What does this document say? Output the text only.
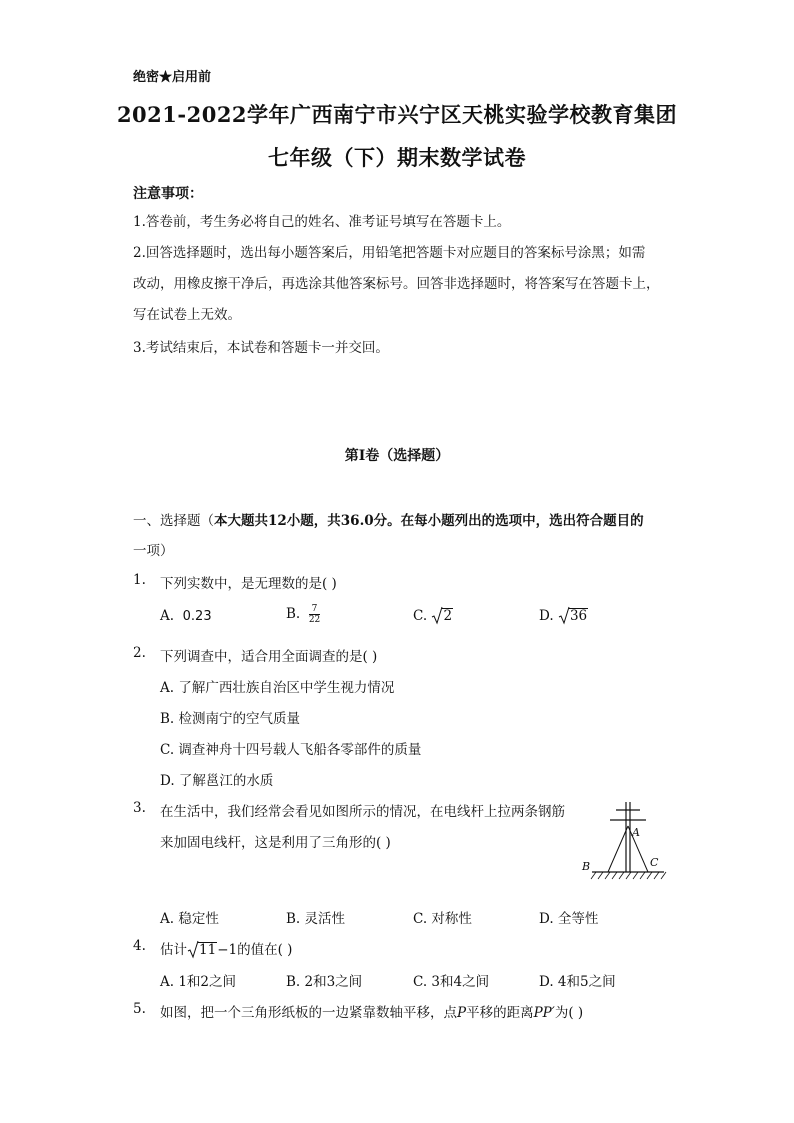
绝密★启用前
2021-2022学年广西南宁市兴宁区天桃实验学校教育集团
七年级（下）期末数学试卷
注意事项：
1.答卷前，考生务必将自己的姓名、准考证号填写在答题卡上。
2.回答选择题时，选出每小题答案后，用铅笔把答题卡对应题目的答案标号涂黑；如需
改动，用橡皮擦干净后，再选涂其他答案标号。回答非选择题时，将答案写在答题卡上，
写在试卷上无效。
3.考试结束后，本试卷和答题卡一并交回。
第I卷（选择题）
一、选择题（本大题共12小题，共36.0分。在每小题列出的选项中，选出符合题目的
一项）
1. 下列实数中，是无理数的是( )
A. 0.23	B. $\frac{7}{22}$	C. 2	D. 36
2. 下列调查中，适合用全面调查的是( )
A. 了解广西壮族自治区中学生视力情况
B. 检测南宁的空气质量
C. 调查神舟十四号载人飞船各零部件的质量
D. 了解邕江的水质
3. 在生活中，我们经常会看见如图所示的情况，在电线杆上拉两条钢筋
来加固电线杆，这是利用了三角形的( )
A
B	C
A. 稳定性	B. 灵活性	C. 对称性	D. 全等性
4. 估计 11−1的值在( )
A. 1和2之间	B. 2和3之间	C. 3和4之间	D. 4和5之间
5. 如图，把一个三角形纸板的一边紧靠数轴平移，点P平移的距离PP′为( )
